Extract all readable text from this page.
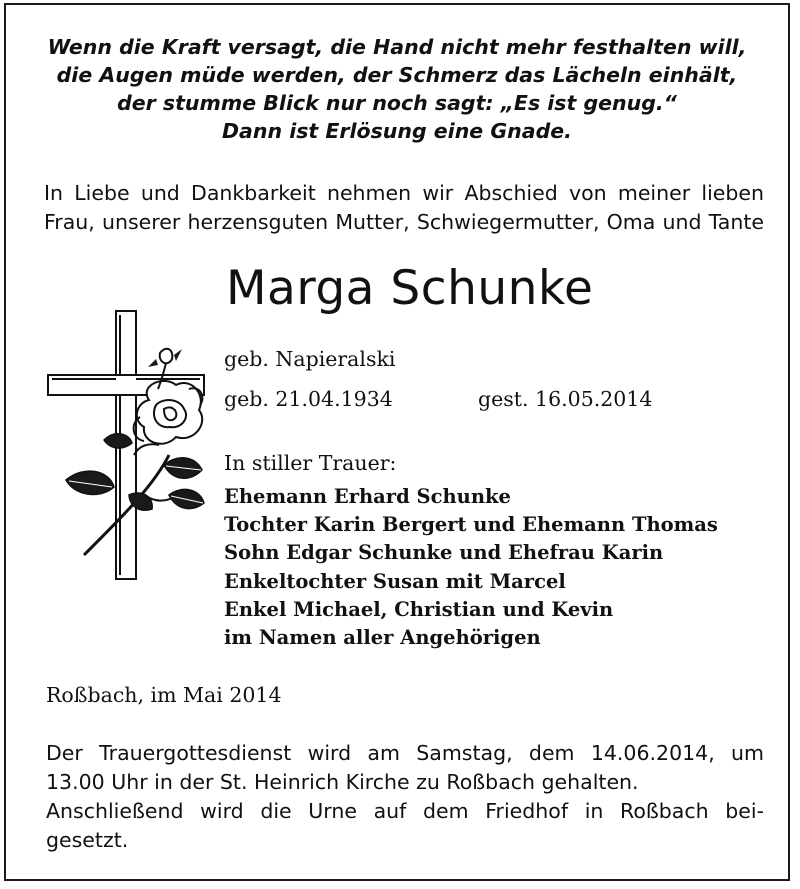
Wenn die Kraft versagt, die Hand nicht mehr festhalten will,
die Augen müde werden, der Schmerz das Lächeln einhält,
der stumme Blick nur noch sagt: „Es ist genug.“
Dann ist Erlösung eine Gnade.
In Liebe und Dankbarkeit nehmen wir Abschied von meiner lieben
Frau, unserer herzensguten Mutter, Schwiegermutter, Oma und Tante
Marga Schunke
geb. Napieralski
geb. 21.04.1934	gest. 16.05.2014
In stiller Trauer:
Ehemann Erhard Schunke
Tochter Karin Bergert und Ehemann Thomas
Sohn Edgar Schunke und Ehefrau Karin
Enkeltochter Susan mit Marcel
Enkel Michael, Christian und Kevin
im Namen aller Angehörigen
Roßbach, im Mai 2014
Der Trauergottesdienst wird am Samstag, dem 14.06.2014, um
13.00 Uhr in der St. Heinrich Kirche zu Roßbach gehalten.
Anschließend wird die Urne auf dem Friedhof in Roßbach bei-
gesetzt.
